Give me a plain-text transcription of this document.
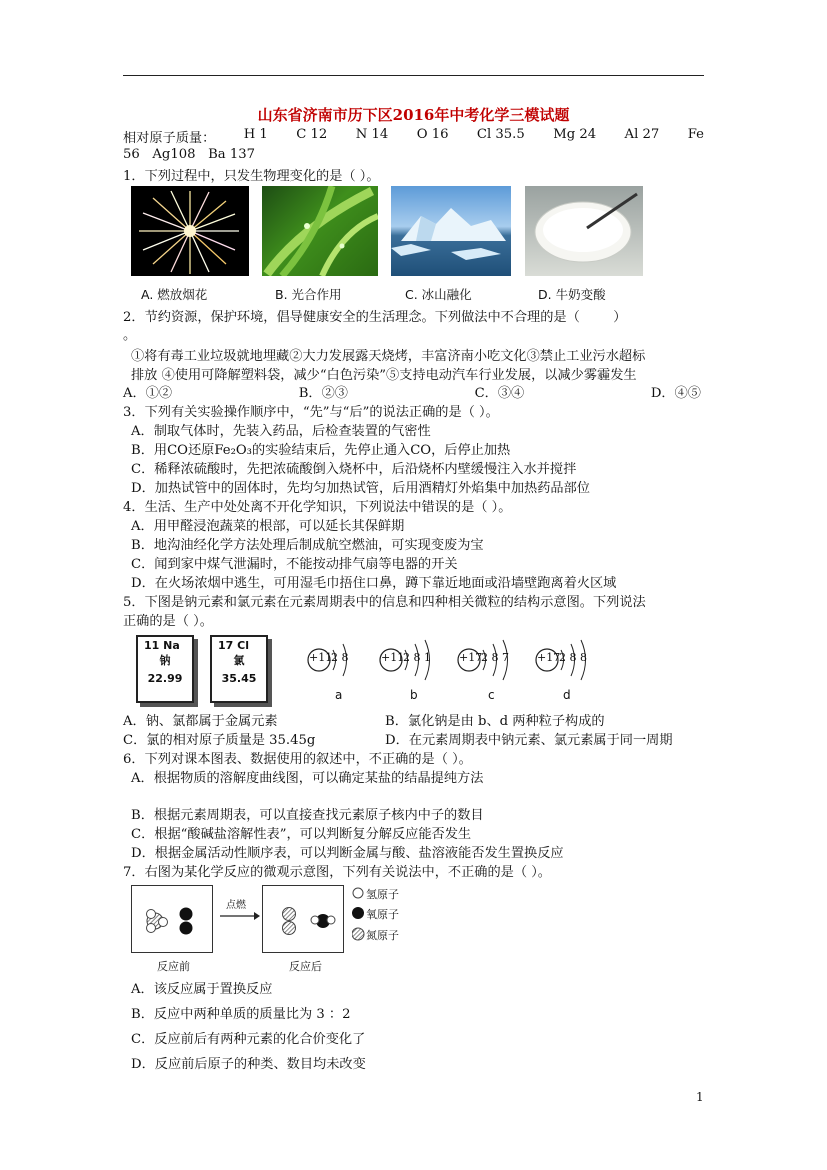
山东省济南市历下区2016年中考化学三模试题
相对原子质量： H 1 C 12 N 14 O 16 Cl 35.5 Mg 24 Al 27 Fe
56   Ag108   Ba 137
1．下列过程中，只发生物理变化的是（ ）。
A. 燃放烟花	B. 光合作用	C. 冰山融化	D. 牛奶变酸
2．节约资源，保护环境，倡导健康安全的生活理念。下列做法中不合理的是（        ）
。
①将有毒工业垃圾就地埋藏②大力发展露天烧烤，丰富济南小吃文化③禁止工业污水超标
排放 ④使用可降解塑料袋，减少“白色污染”⑤支持电动汽车行业发展，以减少雾霾发生
A．①②	B．②③	C．③④	D．④⑤
3．下列有关实验操作顺序中，“先”与“后”的说法正确的是（ ）。
A．制取气体时，先装入药品，后检查装置的气密性
B．用CO还原Fe₂O₃的实验结束后，先停止通入CO，后停止加热
C．稀释浓硫酸时，先把浓硫酸倒入烧杯中，后沿烧杯内壁缓慢注入水并搅拌
D．加热试管中的固体时，先均匀加热试管，后用酒精灯外焰集中加热药品部位
4．生活、生产中处处离不开化学知识，下列说法中错误的是（ ）。
A．用甲醛浸泡蔬菜的根部，可以延长其保鲜期
B．地沟油经化学方法处理后制成航空燃油，可实现变废为宝
C．闻到家中煤气泄漏时，不能按动排气扇等电器的开关
D．在火场浓烟中逃生，可用湿毛巾捂住口鼻，蹲下靠近地面或沿墙壁跑离着火区域
5．下图是钠元素和氯元素在元素周期表中的信息和四种相关微粒的结构示意图。下列说法
正确的是（ ）。
11 Na
钠
22.99
17 Cl
氯
35.45
+11
2 8
a
+11
2 8 1
b
+17
2 8 7
c
+17
2 8 8
d
A．钠、氯都属于金属元素	B．氯化钠是由 b、d 两种粒子构成的
C．氯的相对原子质量是 35.45g	D．在元素周期表中钠元素、氯元素属于同一周期
6．下列对课本图表、数据使用的叙述中，不正确的是（ ）。
A．根据物质的溶解度曲线图，可以确定某盐的结晶提纯方法
B．根据元素周期表，可以直接查找元素原子核内中子的数目
C．根据“酸碱盐溶解性表”，可以判断复分解反应能否发生
D．根据金属活动性顺序表，可以判断金属与酸、盐溶液能否发生置换反应
7．右图为某化学反应的微观示意图，下列有关说法中，不正确的是（ ）。
点燃
反应前	反应后
氢原子
氧原子
氮原子
A．该反应属于置换反应
B．反应中两种单质的质量比为 3 ：2
C．反应前后有两种元素的化合价变化了
D．反应前后原子的种类、数目均未改变
1
